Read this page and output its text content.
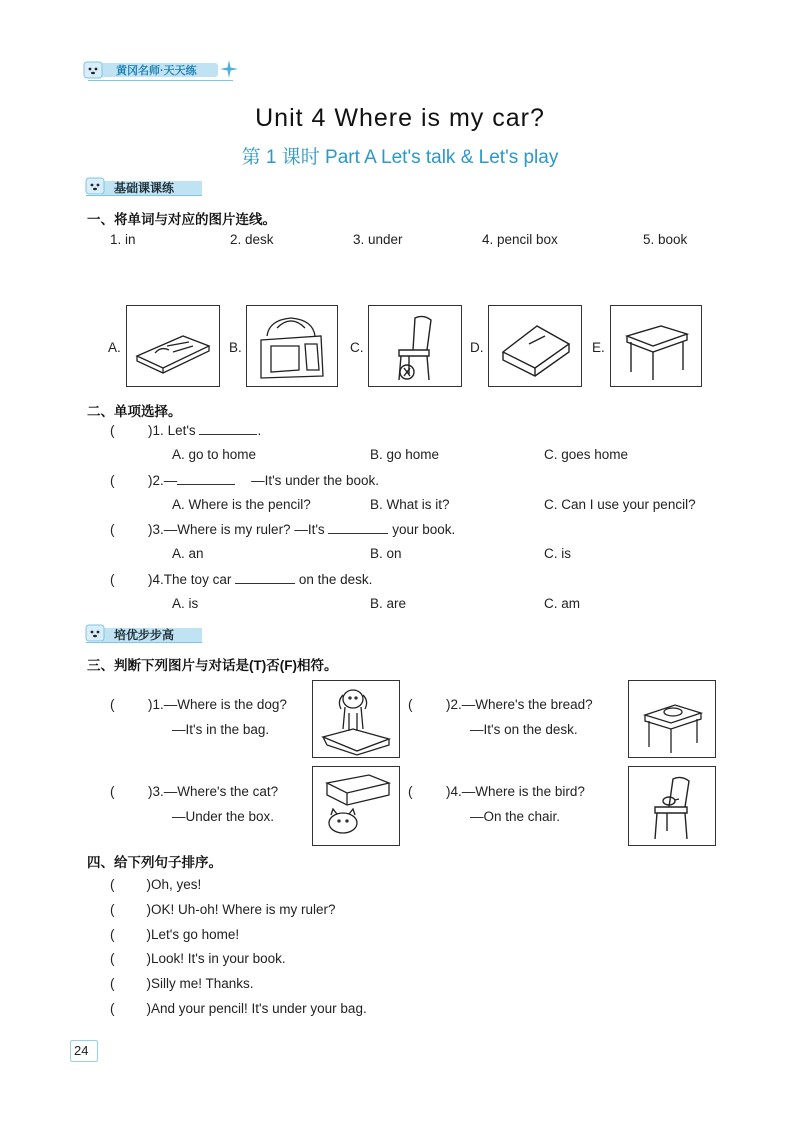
黄冈名师·天天练
Unit 4 Where is my car?
第 1 课时 Part A Let's talk & Let's play
基础课课练
一、将单词与对应的图片连线。
1. in	2. desk	3. under	4. pencil box	5. book
A.	B.	C.	D.	E.
二、单项选择。
( )1. Let's	.
A. go to home	B. go home	C. goes home
( )2.—	—It's under the book.
A. Where is the pencil?	B. What is it?	C. Can I use your pencil?
( )3.—Where is my ruler? —It's	your book.
A. an	B. on	C. is
( )4.The toy car	on the desk.
A. is	B. are	C. am
培优步步高
三、判断下列图片与对话是(T)否(F)相符。
( )1.—Where is the dog?
—It's in the bag.
( )2.—Where's the bread?
—It's on the desk.
( )3.—Where's the cat?
—Under the box.
( )4.—Where is the bird?
—On the chair.
四、给下列句子排序。
( )Oh, yes!
( )OK! Uh-oh! Where is my ruler?
( )Let's go home!
( )Look! It's in your book.
( )Silly me! Thanks.
( )And your pencil! It's under your bag.
24
